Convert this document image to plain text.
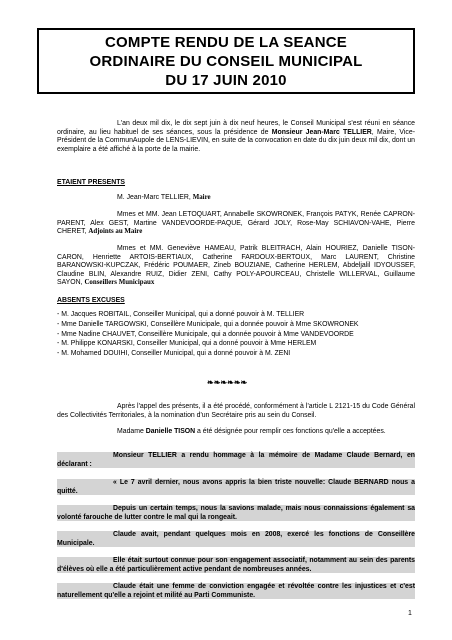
COMPTE RENDU DE LA SEANCE
ORDINAIRE DU CONSEIL MUNICIPAL
DU 17 JUIN 2010
L'an deux mil dix, le dix sept juin à dix neuf heures, le Conseil Municipal s'est réuni en séance ordinaire, au lieu habituel de ses séances, sous la présidence de Monsieur Jean-Marc TELLIER, Maire, Vice-Président de la CommunAupole de LENS-LIEVIN, en suite de la convocation en date du dix juin deux mil dix, dont un exemplaire a été affiché à la porte de la mairie.
ETAIENT PRESENTS
M. Jean-Marc TELLIER, Maire
Mmes et MM. Jean LETOQUART, Annabelle SKOWRONEK, François PATYK, Renée CAPRON-PARENT, Alex GEST, Martine VANDEVOORDE-PAQUE, Gérard JOLY, Rose-May SCHIAVON-VAHE, Pierre CHERET, Adjoints au Maire
Mmes et MM. Geneviève HAMEAU, Patrik BLEITRACH, Alain HOURIEZ, Danielle TISON-CARON, Henriette ARTOIS-BERTIAUX, Catherine FARDOUX-BERTOUX, Marc LAURENT, Christine BARANOWSKI-KUPCZAK, Frédéric POUMAER, Zineb BOUZIANE, Catherine HERLEM, Abdeljalil IDYOUSSEF, Claudine BLIN, Alexandre RUIZ, Didier ZENI, Cathy POLY-APOURCEAU, Christelle WILLERVAL, Guillaume SAYON, Conseillers Municipaux
ABSENTS EXCUSES
- M. Jacques ROBITAIL, Conseiller Municipal, qui a donné pouvoir à M. TELLIER
- Mme Danielle TARGOWSKI, Conseillère Municipale, qui a donnée pouvoir à Mme SKOWRONEK
- Mme Nadine CHAUVET, Conseillère Municipale, qui a donnée pouvoir à Mme VANDEVOORDE
- M. Philippe KONARSKI, Conseiller Municipal, qui a donné pouvoir à Mme HERLEM
- M. Mohamed DOUIHI, Conseiller Municipal, qui a donné pouvoir à M. ZENI
❧❧❧❧❧❧
Après l'appel des présents, il a été procédé, conformément à l'article L 2121-15 du Code Général des Collectivités Territoriales, à la nomination d'un Secrétaire pris au sein du Conseil.
Madame Danielle TISON a été désignée pour remplir ces fonctions qu'elle a acceptées.
Monsieur TELLIER a rendu hommage à la mémoire de Madame Claude Bernard, en déclarant :
« Le 7 avril dernier, nous avons appris la bien triste nouvelle: Claude BERNARD nous a quitté.
Depuis un certain temps, nous la savions malade, mais nous connaissions également sa volonté farouche de lutter contre le mal qui la rongeait.
Claude avait, pendant quelques mois en 2008, exercé les fonctions de Conseillère Municipale.
Elle était surtout connue pour son engagement associatif, notamment au sein des parents d'élèves où elle a été particulièrement active pendant de nombreuses années.
Claude était une femme de conviction engagée et révoltée contre les injustices et c'est naturellement qu'elle a rejoint et milité au Parti Communiste.
1
